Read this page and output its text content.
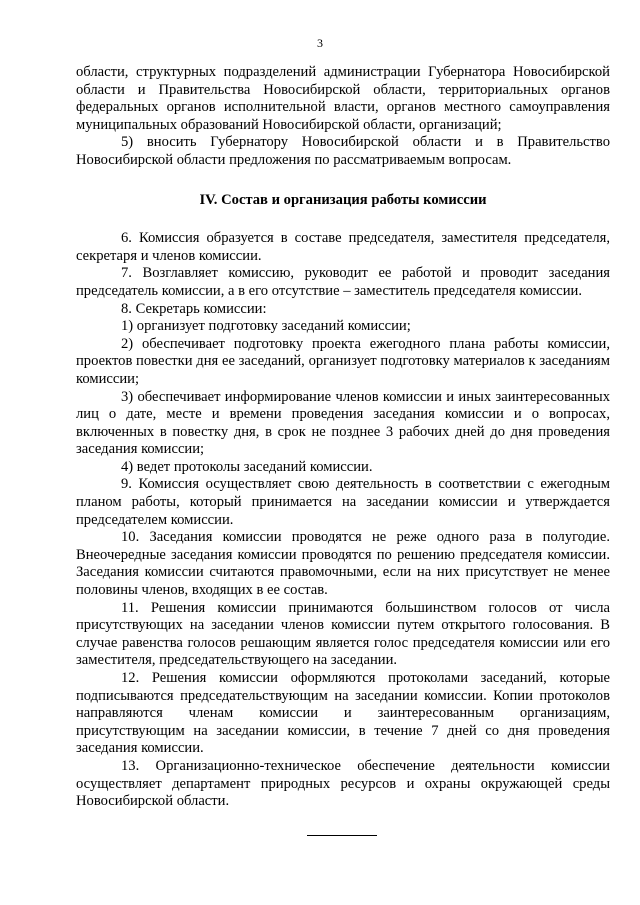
3

области, структурных подразделений администрации Губернатора Новосибирской области и Правительства Новосибирской области, территориальных органов федеральных органов исполнительной власти, органов местного самоуправления муниципальных образований Новосибирской области, организаций;

5) вносить Губернатору Новосибирской области и в Правительство Новосибирской области предложения по рассматриваемым вопросам.

IV. Состав и организация работы комиссии

6. Комиссия образуется в составе председателя, заместителя председателя, секретаря и членов комиссии.

7. Возглавляет комиссию, руководит ее работой и проводит заседания председатель комиссии, а в его отсутствие – заместитель председателя комиссии.

8. Секретарь комиссии:

1) организует подготовку заседаний комиссии;

2) обеспечивает подготовку проекта ежегодного плана работы комиссии, проектов повестки дня ее заседаний, организует подготовку материалов к заседаниям комиссии;

3) обеспечивает информирование членов комиссии и иных заинтересованных лиц о дате, месте и времени проведения заседания комиссии и о вопросах, включенных в повестку дня, в срок не позднее 3 рабочих дней до дня проведения заседания комиссии;

4) ведет протоколы заседаний комиссии.

9. Комиссия осуществляет свою деятельность в соответствии с ежегодным планом работы, который принимается на заседании комиссии и утверждается председателем комиссии.

10. Заседания комиссии проводятся не реже одного раза в полугодие. Внеочередные заседания комиссии проводятся по решению председателя комиссии. Заседания комиссии считаются правомочными, если на них присутствует не менее половины членов, входящих в ее состав.

11. Решения комиссии принимаются большинством голосов от числа присутствующих на заседании членов комиссии путем открытого голосования. В случае равенства голосов решающим является голос председателя комиссии или его заместителя, председательствующего на заседании.

12. Решения комиссии оформляются протоколами заседаний, которые подписываются председательствующим на заседании комиссии. Копии протоколов направляются членам комиссии и заинтересованным организациям, присутствующим на заседании комиссии, в течение 7 дней со дня проведения заседания комиссии.

13. Организационно-техническое обеспечение деятельности комиссии осуществляет департамент природных ресурсов и охраны окружающей среды Новосибирской области.
